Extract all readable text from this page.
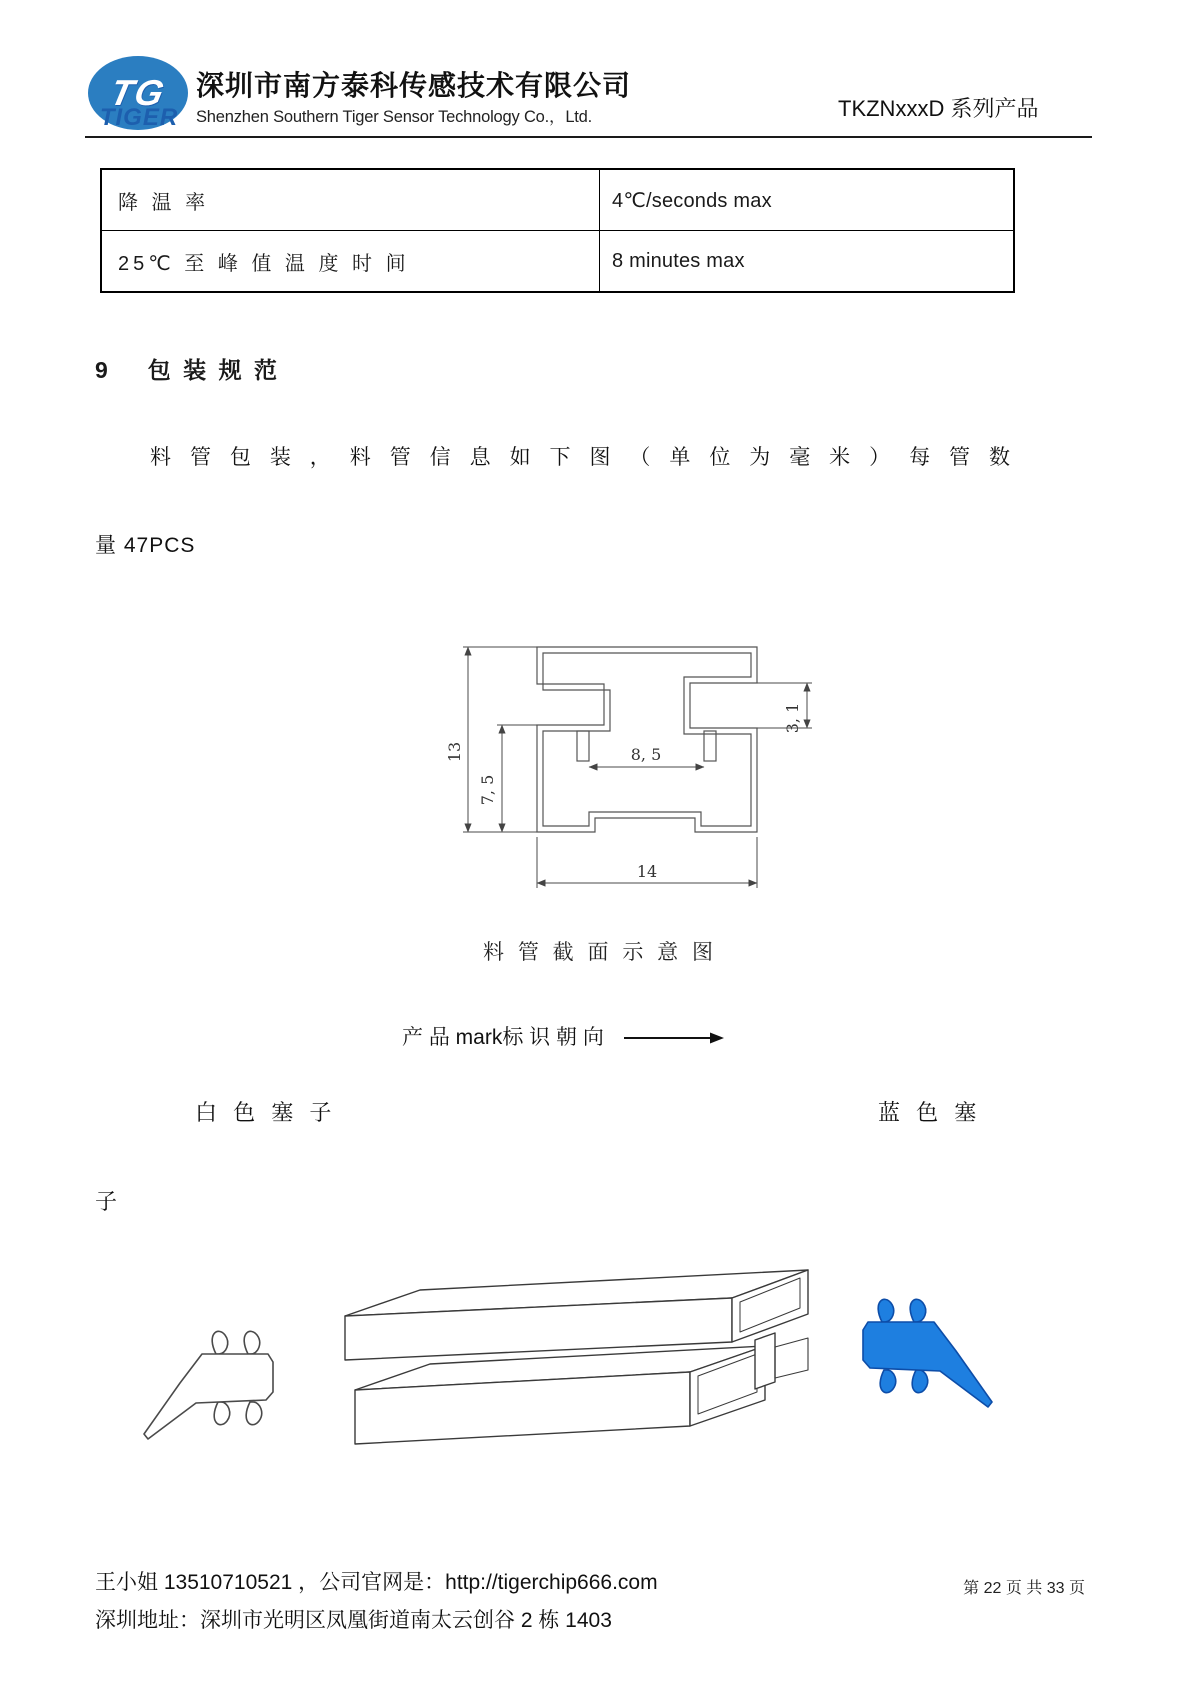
TG
TIGER
深圳市南方泰科传感技术有限公司
Shenzhen Southern Tiger Sensor Technology Co.，Ltd.	TKZNxxxD 系列产品
降 温 率	4℃/seconds max
25℃ 至 峰 值 温 度 时 间	8 minutes max
9 包 装 规 范
料 管 包 装 ， 料 管 信 息 如 下 图 （ 单 位 为 毫 米 ） 每 管 数
量 47PCS
13
7, 5
8, 5
3, 1
14
料 管 截 面 示 意 图
产 品 mark标 识 朝 向
白 色 塞 子	蓝 色 塞
子
王小姐 13510710521 ，公司官网是：http://tigerchip666.com
深圳地址：深圳市光明区凤凰街道南太云创谷 2 栋 1403
第 22 页 共 33 页
